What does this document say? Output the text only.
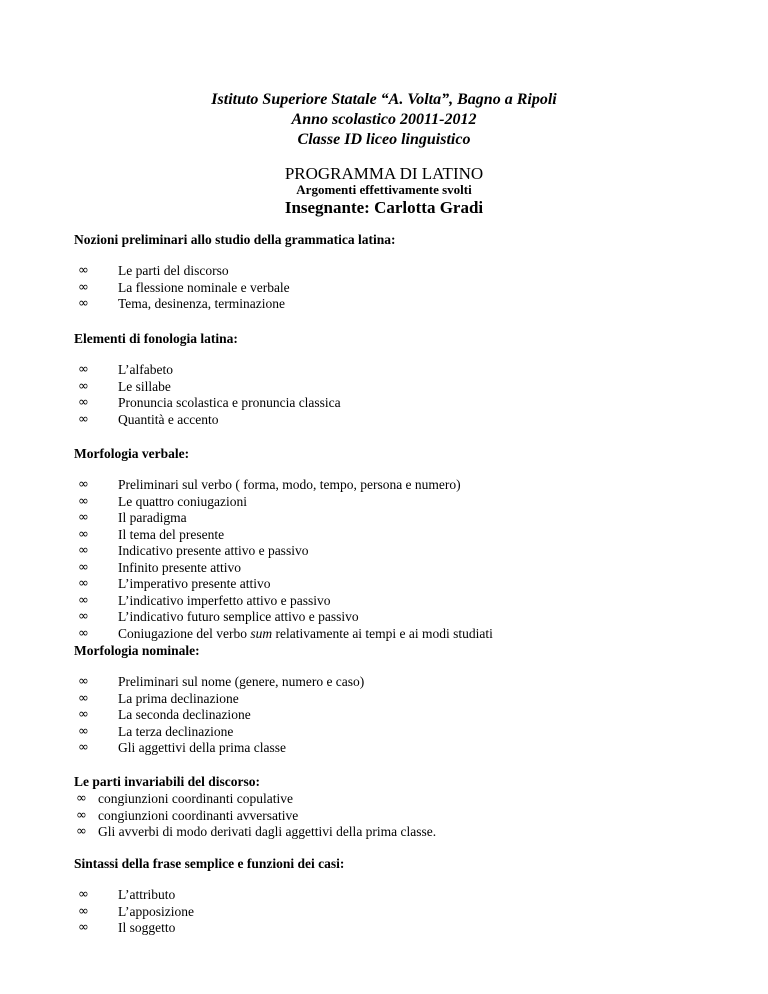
Istituto Superiore Statale “A. Volta”, Bagno a Ripoli

Anno scolastico 20011-2012

Classe ID liceo linguistico

PROGRAMMA DI LATINO

Argomenti effettivamente svolti

Insegnante: Carlotta Gradi

Nozioni preliminari allo studio della grammatica latina:

∞ Le parti del discorso
∞ La flessione nominale e verbale
∞ Tema, desinenza, terminazione

Elementi di fonologia latina:

∞ L’alfabeto
∞ Le sillabe
∞ Pronuncia scolastica e pronuncia classica
∞ Quantità e accento

Morfologia verbale:

∞ Preliminari sul verbo ( forma, modo, tempo, persona e numero)
∞ Le quattro coniugazioni
∞ Il paradigma
∞ Il tema del presente
∞ Indicativo presente attivo e passivo
∞ Infinito presente attivo
∞ L’imperativo presente attivo
∞ L’indicativo imperfetto attivo e passivo
∞ L’indicativo futuro semplice attivo e passivo
∞ Coniugazione del verbo sum relativamente ai tempi e ai modi studiati

Morfologia nominale:

∞ Preliminari sul nome (genere, numero e caso)
∞ La prima declinazione
∞ La seconda declinazione
∞ La terza declinazione
∞ Gli aggettivi della prima classe

Le parti invariabili del discorso:

∞ congiunzioni coordinanti copulative
∞ congiunzioni coordinanti avversative
∞ Gli avverbi di modo derivati dagli aggettivi della prima classe.

Sintassi della frase semplice e funzioni dei casi:

∞ L’attributo
∞ L’apposizione
∞ Il soggetto
